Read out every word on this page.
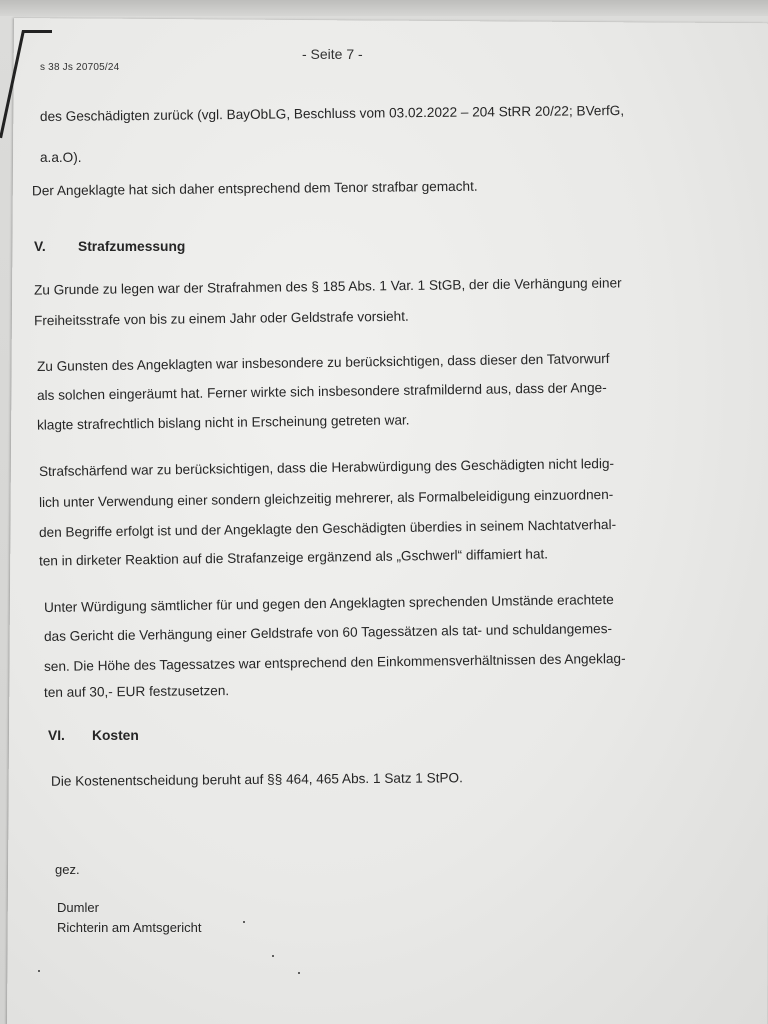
s 38 Js 20705/24
- Seite 7 -
des Geschädigten zurück (vgl. BayObLG, Beschluss vom 03.02.2022 – 204 StRR 20/22; BVerfG,
a.a.O).
Der Angeklagte hat sich daher entsprechend dem Tenor strafbar gemacht.
V. Strafzumessung
Zu Grunde zu legen war der Strafrahmen des § 185 Abs. 1 Var. 1 StGB, der die Verhängung einer
Freiheitsstrafe von bis zu einem Jahr oder Geldstrafe vorsieht.
Zu Gunsten des Angeklagten war insbesondere zu berücksichtigen, dass dieser den Tatvorwurf
als solchen eingeräumt hat. Ferner wirkte sich insbesondere strafmildernd aus, dass der Ange-
klagte strafrechtlich bislang nicht in Erscheinung getreten war.
Strafschärfend war zu berücksichtigen, dass die Herabwürdigung des Geschädigten nicht ledig-
lich unter Verwendung einer sondern gleichzeitig mehrerer, als Formalbeleidigung einzuordnen-
den Begriffe erfolgt ist und der Angeklagte den Geschädigten überdies in seinem Nachtatverhal-
ten in dirketer Reaktion auf die Strafanzeige ergänzend als „Gschwerl“ diffamiert hat.
Unter Würdigung sämtlicher für und gegen den Angeklagten sprechenden Umstände erachtete
das Gericht die Verhängung einer Geldstrafe von 60 Tagessätzen als tat- und schuldangemes-
sen. Die Höhe des Tagessatzes war entsprechend den Einkommensverhältnissen des Angeklag-
ten auf 30,- EUR festzusetzen.
VI. Kosten
Die Kostenentscheidung beruht auf §§ 464, 465 Abs. 1 Satz 1 StPO.
gez.
Dumler
Richterin am Amtsgericht
